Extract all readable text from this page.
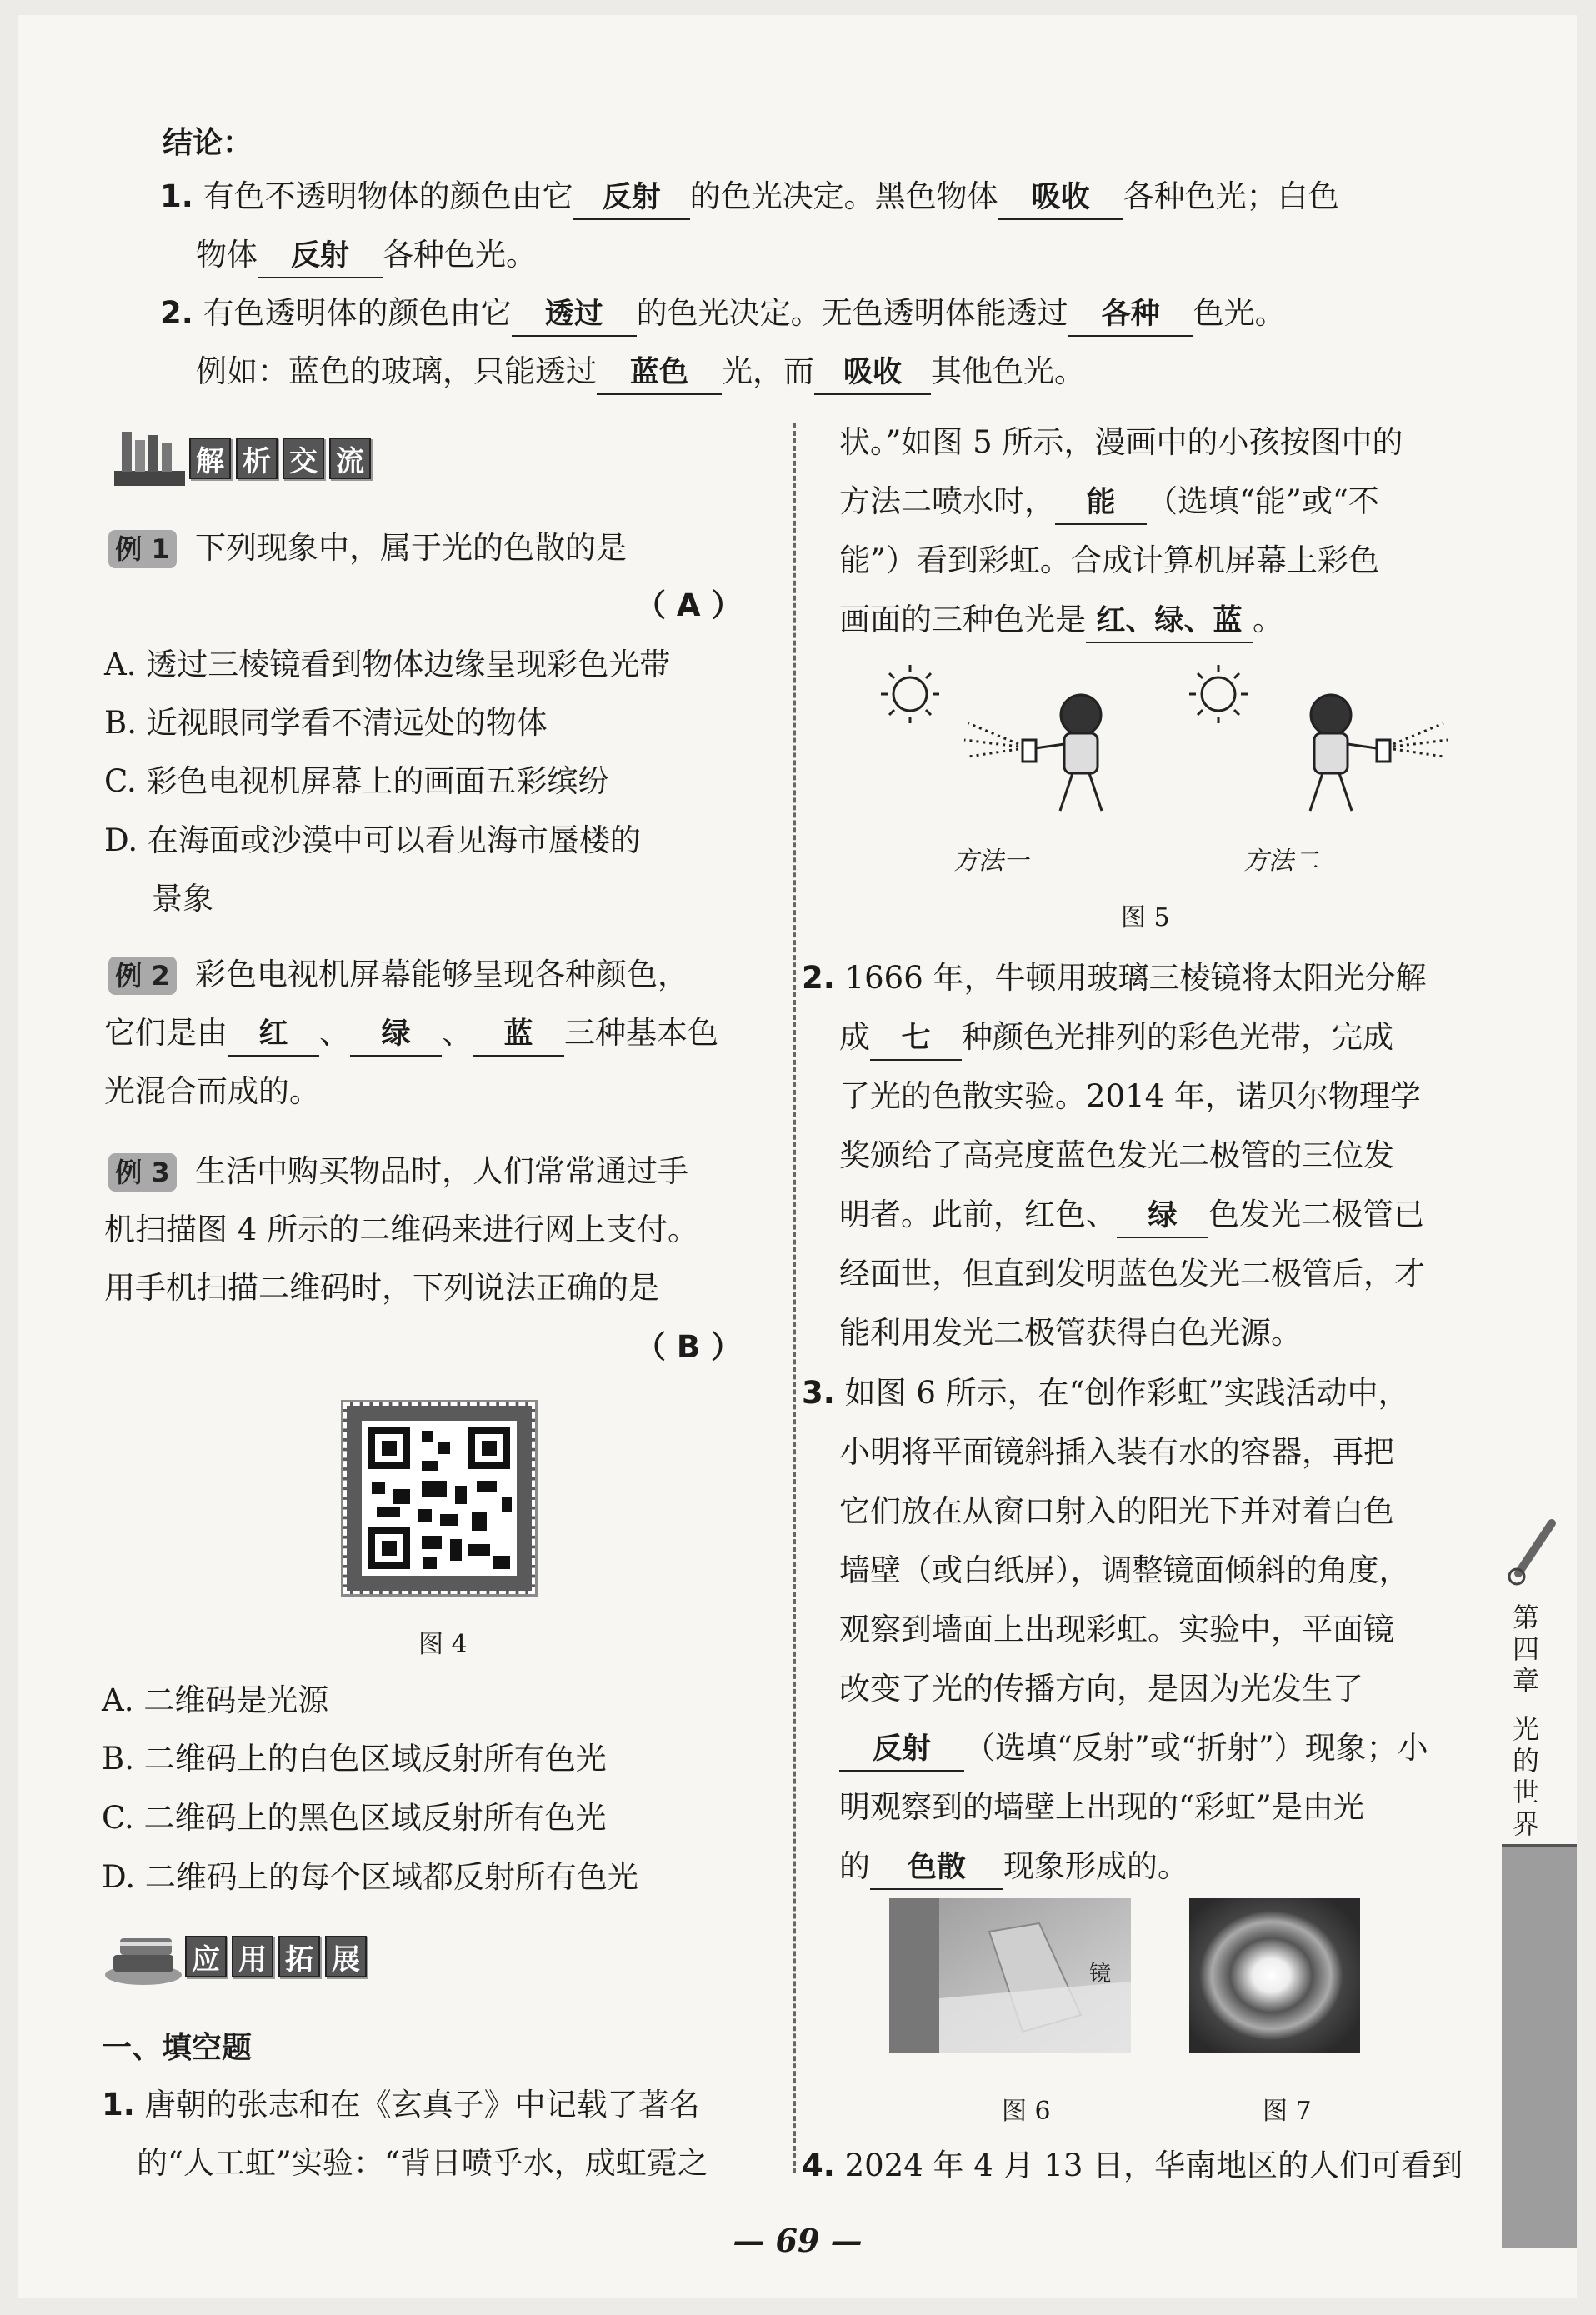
结论：
1. 有色不透明物体的颜色由它 反射 的色光决定。黑色物体 吸收 各种色光；白色
物体 反射 各种色光。
2. 有色透明体的颜色由它 透过 的色光决定。无色透明体能透过 各种 色光。
例如：蓝色的玻璃，只能透过 蓝色 光，而 吸收 其他色光。
解 析 交 流
例 1 下列现象中，属于光的色散的是
（ A ）
A. 透过三棱镜看到物体边缘呈现彩色光带
B. 近视眼同学看不清远处的物体
C. 彩色电视机屏幕上的画面五彩缤纷
D. 在海面或沙漠中可以看见海市蜃楼的
景象
例 2 彩色电视机屏幕能够呈现各种颜色，
它们是由 红 、 绿 、 蓝 三种基本色
光混合而成的。
例 3 生活中购买物品时，人们常常通过手
机扫描图 4 所示的二维码来进行网上支付。
用手机扫描二维码时，下列说法正确的是
（ B ）
图 4
A. 二维码是光源
B. 二维码上的白色区域反射所有色光
C. 二维码上的黑色区域反射所有色光
D. 二维码上的每个区域都反射所有色光
应 用 拓 展
一、填空题
1. 唐朝的张志和在《玄真子》中记载了著名
的“人工虹”实验：“背日喷乎水，成虹霓之
状。”如图 5 所示，漫画中的小孩按图中的
方法二喷水时， 能 （选填“能”或“不
能”）看到彩虹。合成计算机屏幕上彩色
画面的三种色光是 红、绿、蓝 。
方法一	方法二
图 5
2. 1666 年，牛顿用玻璃三棱镜将太阳光分解
成 七 种颜色光排列的彩色光带，完成
了光的色散实验。2014 年，诺贝尔物理学
奖颁给了高亮度蓝色发光二极管的三位发
明者。此前，红色、 绿 色发光二极管已
经面世，但直到发明蓝色发光二极管后，才
能利用发光二极管获得白色光源。
3. 如图 6 所示，在“创作彩虹”实践活动中，
小明将平面镜斜插入装有水的容器，再把
它们放在从窗口射入的阳光下并对着白色
墙壁（或白纸屏），调整镜面倾斜的角度，
观察到墙面上出现彩虹。实验中，平面镜
改变了光的传播方向，是因为光发生了
反射 （选填“反射”或“折射”）现象；小
明观察到的墙壁上出现的“彩虹”是由光
的 色散 现象形成的。
镜
图 6	图 7
4. 2024 年 4 月 13 日，华南地区的人们可看到
第四章
光的世界
— 69 —
